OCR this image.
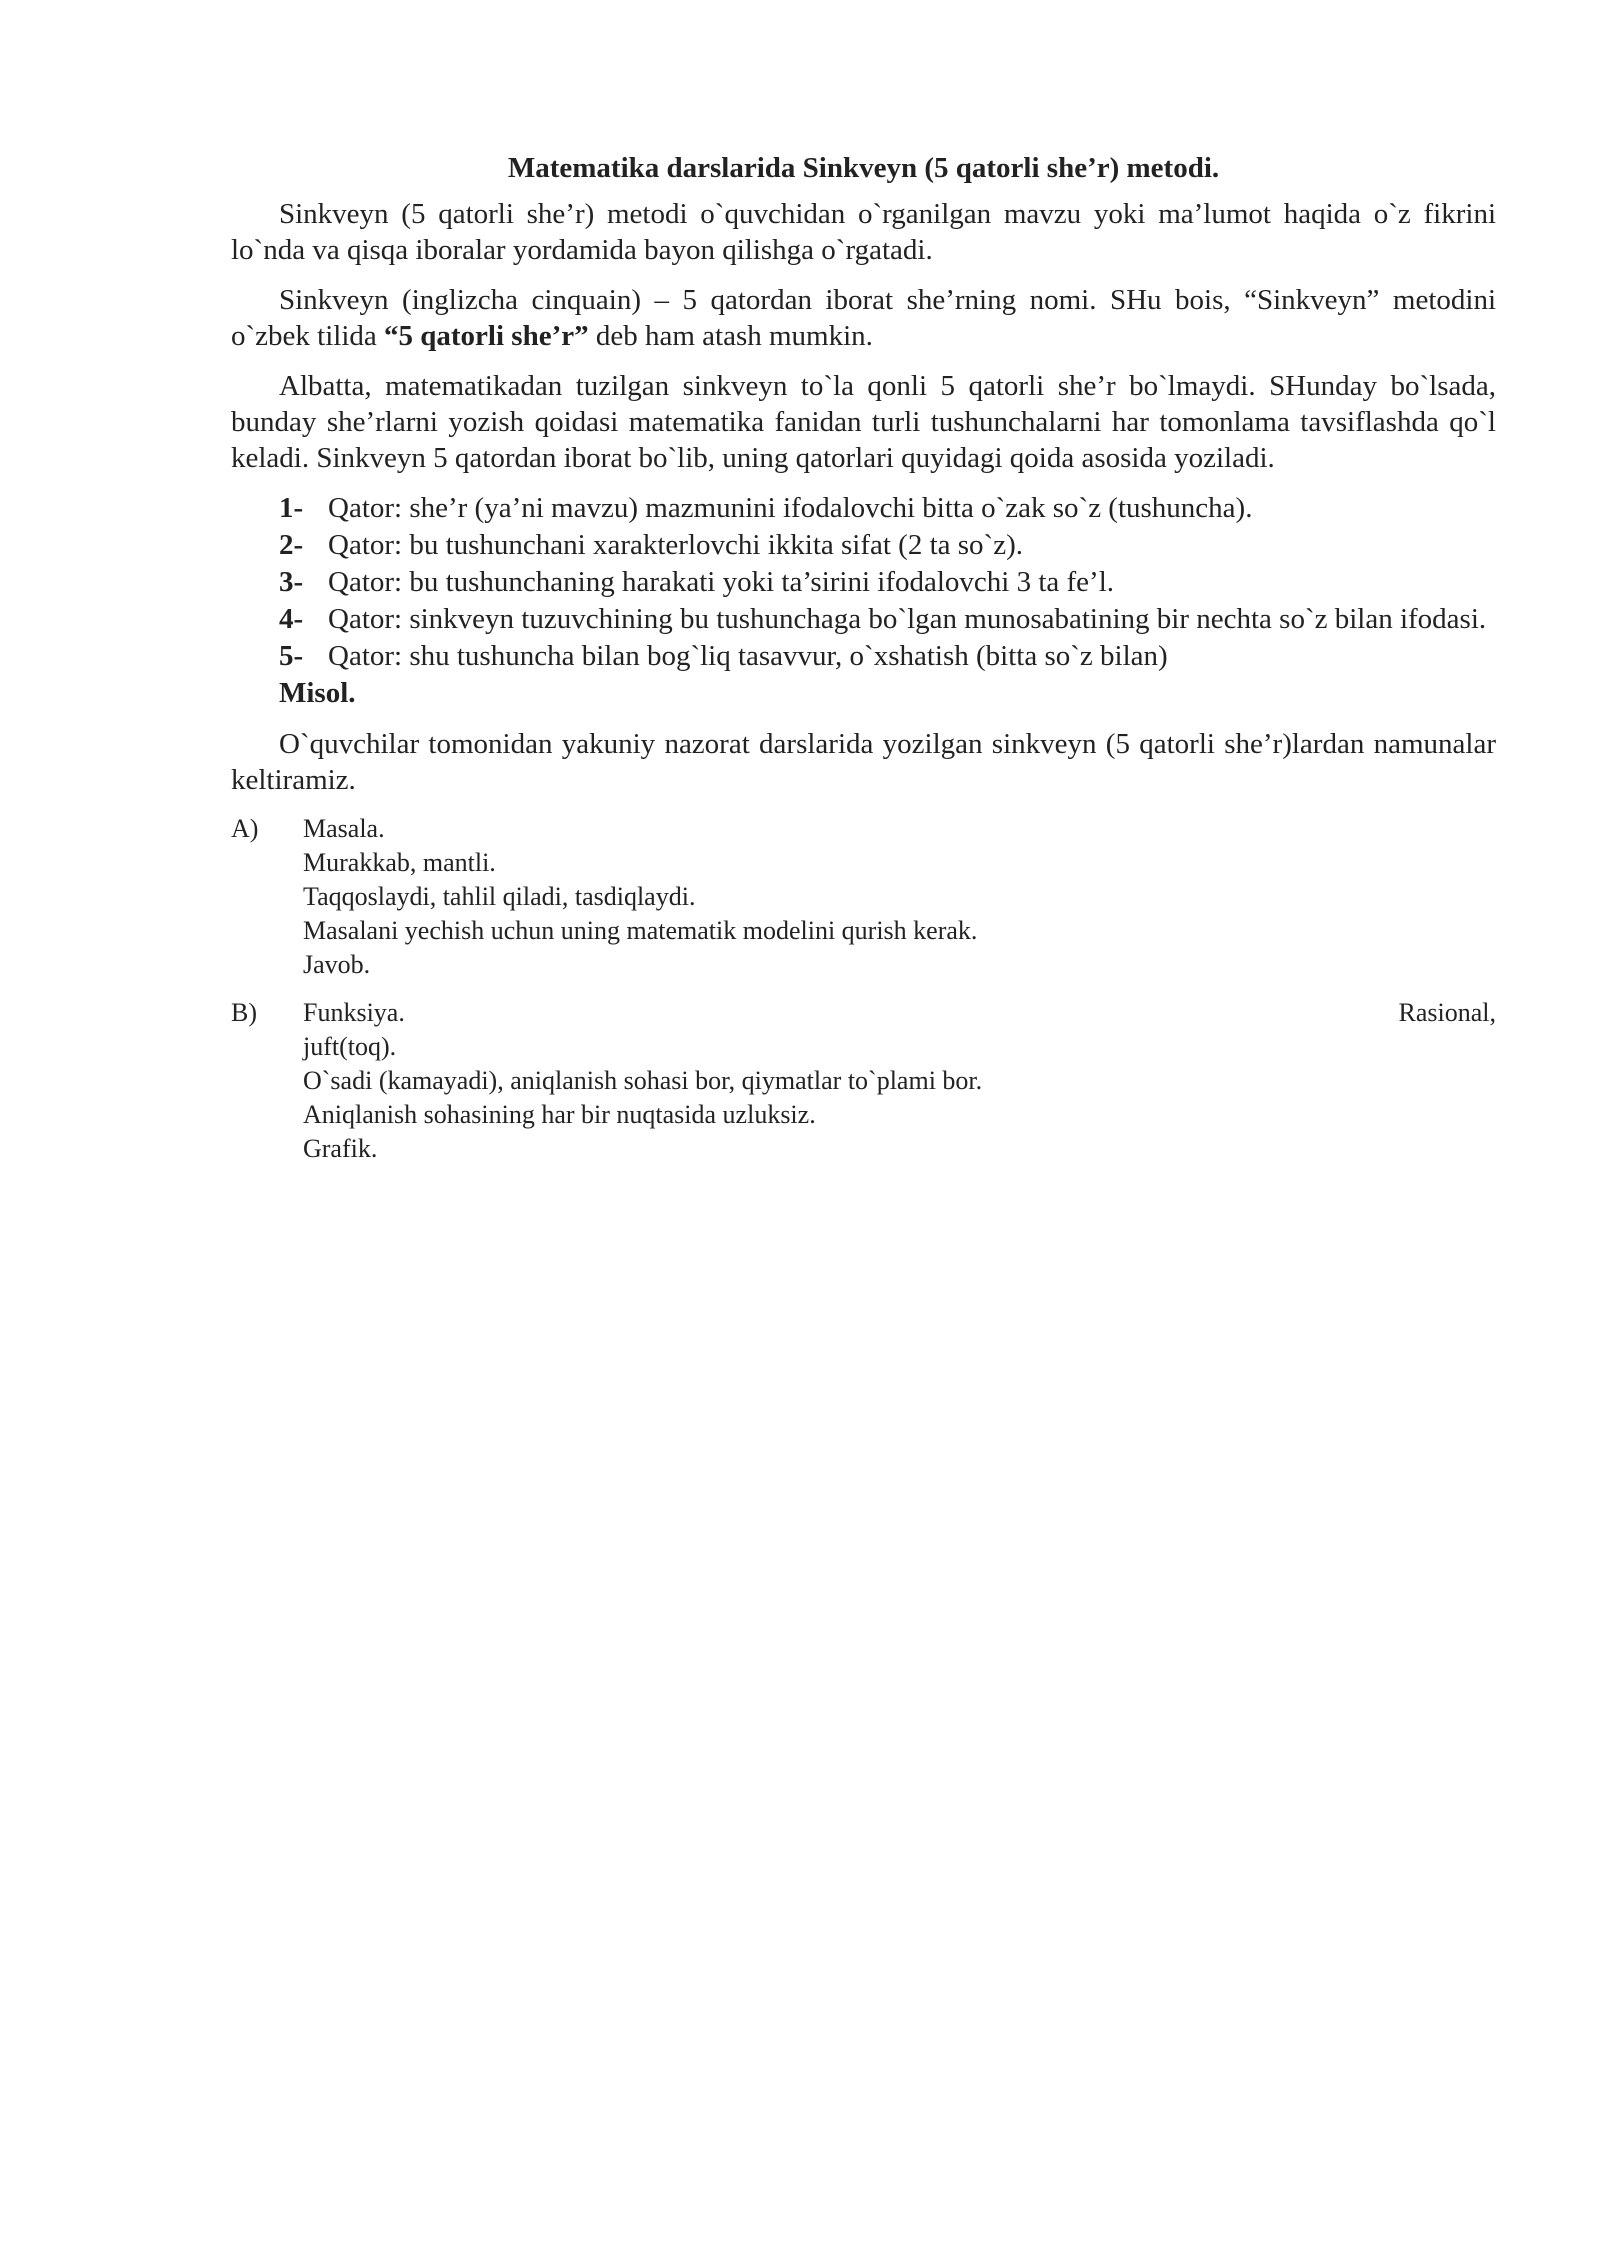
Matematika darslarida Sinkveyn (5 qatorli she’r) metodi.

Sinkveyn (5 qatorli she’r) metodi o`quvchidan o`rganilgan mavzu yoki ma’lumot haqida o`z fikrini lo`nda va qisqa iboralar yordamida bayon qilishga o`rgatadi.

Sinkveyn (inglizcha cinquain) – 5 qatordan iborat she’rning nomi. SHu bois, “Sinkveyn” metodini o`zbek tilida “5 qatorli she’r” deb ham atash mumkin.

Albatta, matematikadan tuzilgan sinkveyn to`la qonli 5 qatorli she’r bo`lmaydi. SHunday bo`lsada, bunday she’rlarni yozish qoidasi matematika fanidan turli tushunchalarni har tomonlama tavsiflashda qo`l keladi. Sinkveyn 5 qatordan iborat bo`lib, uning qatorlari quyidagi qoida asosida yoziladi.

1- Qator: she’r (ya’ni mavzu) mazmunini ifodalovchi bitta o`zak so`z (tushuncha).
2- Qator: bu tushunchani xarakterlovchi ikkita sifat (2 ta so`z).
3- Qator: bu tushunchaning harakati yoki ta’sirini ifodalovchi 3 ta fe’l.
4- Qator: sinkveyn tuzuvchining bu tushunchaga bo`lgan munosabatining bir nechta so`z bilan ifodasi.
5- Qator: shu tushuncha bilan bog`liq tasavvur, o`xshatish (bitta so`z bilan)

Misol.

O`quvchilar tomonidan yakuniy nazorat darslarida yozilgan sinkveyn (5 qatorli she’r)lardan namunalar keltiramiz.

A) Masala.
Murakkab, mantli.
Taqqoslaydi, tahlil qiladi, tasdiqlaydi.
Masalani yechish uchun uning matematik modelini qurish kerak.
Javob.
B) Funksiya.	Rasional,
juft(toq).
O`sadi (kamayadi), aniqlanish sohasi bor, qiymatlar to`plami bor.
Aniqlanish sohasining har bir nuqtasida uzluksiz.
Grafik.
